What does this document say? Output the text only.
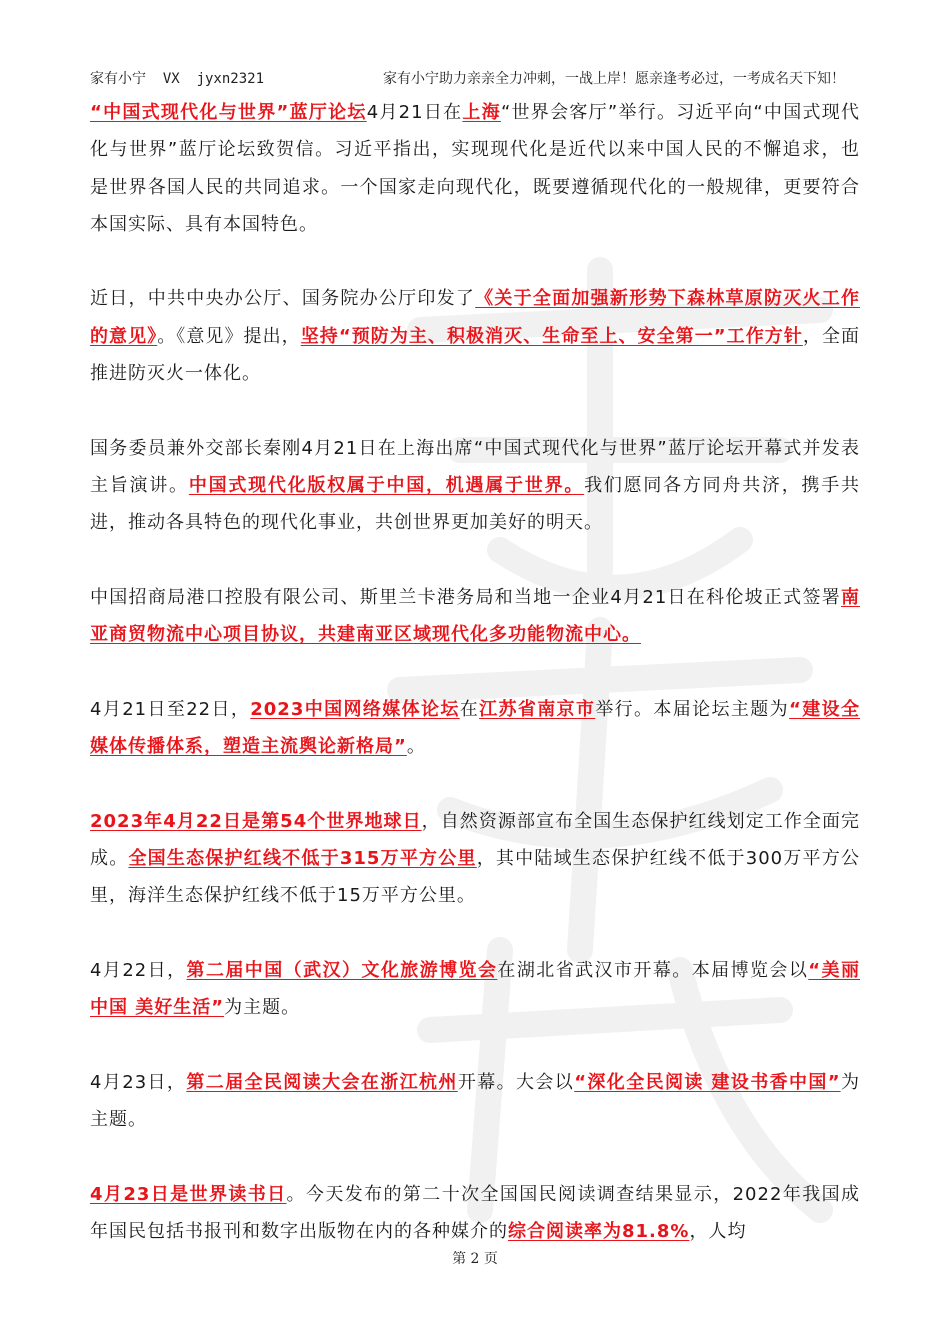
家有小宁  VX  jyxn2321	家有小宁助力亲亲全力冲刺，一战上岸！愿亲逢考必过，一考成名天下知！

“中国式现代化与世界”蓝厅论坛4月21日在上海“世界会客厅”举行。习近平向“中国式现代化与世界”蓝厅论坛致贺信。习近平指出，实现现代化是近代以来中国人民的不懈追求，也是世界各国人民的共同追求。一个国家走向现代化，既要遵循现代化的一般规律，更要符合本国实际、具有本国特色。

近日，中共中央办公厅、国务院办公厅印发了《关于全面加强新形势下森林草原防灭火工作的意见》。《意见》提出，坚持“预防为主、积极消灭、生命至上、安全第一”工作方针，全面推进防灭火一体化。

国务委员兼外交部长秦刚4月21日在上海出席“中国式现代化与世界”蓝厅论坛开幕式并发表主旨演讲。中国式现代化版权属于中国，机遇属于世界。我们愿同各方同舟共济，携手共进，推动各具特色的现代化事业，共创世界更加美好的明天。

中国招商局港口控股有限公司、斯里兰卡港务局和当地一企业4月21日在科伦坡正式签署南亚商贸物流中心项目协议，共建南亚区域现代化多功能物流中心。

4月21日至22日，2023中国网络媒体论坛在江苏省南京市举行。本届论坛主题为“建设全媒体传播体系，塑造主流舆论新格局”。

2023年4月22日是第54个世界地球日，自然资源部宣布全国生态保护红线划定工作全面完成。全国生态保护红线不低于315万平方公里，其中陆域生态保护红线不低于300万平方公里，海洋生态保护红线不低于15万平方公里。

4月22日，第二届中国（武汉）文化旅游博览会在湖北省武汉市开幕。本届博览会以“美丽中国 美好生活”为主题。

4月23日，第二届全民阅读大会在浙江杭州开幕。大会以“深化全民阅读 建设书香中国”为主题。

4月23日是世界读书日。今天发布的第二十次全国国民阅读调查结果显示，2022年我国成年国民包括书报刊和数字出版物在内的各种媒介的综合阅读率为81.8%，人均

第 2 页
